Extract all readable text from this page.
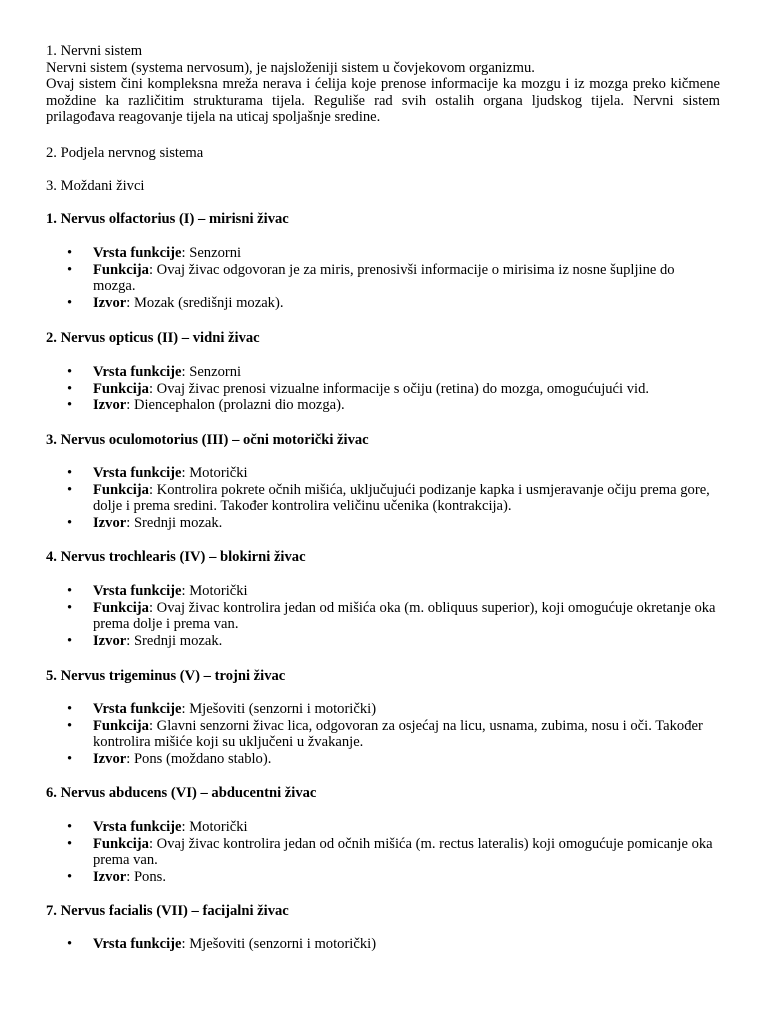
1. Nervni sistem

Nervni sistem (systema nervosum), je najsloženiji sistem u čovjekovom organizmu.

Ovaj sistem čini kompleksna mreža nerava i ćelija koje prenose informacije ka mozgu i iz mozga preko kičmene moždine ka različitim strukturama tijela. Reguliše rad svih ostalih organa ljudskog tijela. Nervni sistem prilagođava reagovanje tijela na uticaj spoljašnje sredine.

2. Podjela nervnog sistema

3. Moždani živci

1. Nervus olfactorius (I) – mirisni živac

• Vrsta funkcije: Senzorni
• Funkcija: Ovaj živac odgovoran je za miris, prenosivši informacije o mirisima iz nosne šupljine do mozga.
• Izvor: Mozak (središnji mozak).

2. Nervus opticus (II) – vidni živac

• Vrsta funkcije: Senzorni
• Funkcija: Ovaj živac prenosi vizualne informacije s očiju (retina) do mozga, omogućujući vid.
• Izvor: Diencephalon (prolazni dio mozga).

3. Nervus oculomotorius (III) – očni motorički živac

• Vrsta funkcije: Motorički
• Funkcija: Kontrolira pokrete očnih mišića, uključujući podizanje kapka i usmjeravanje očiju prema gore, dolje i prema sredini. Također kontrolira veličinu učenika (kontrakcija).
• Izvor: Srednji mozak.

4. Nervus trochlearis (IV) – blokirni živac

• Vrsta funkcije: Motorički
• Funkcija: Ovaj živac kontrolira jedan od mišića oka (m. obliquus superior), koji omogućuje okretanje oka prema dolje i prema van.
• Izvor: Srednji mozak.

5. Nervus trigeminus (V) – trojni živac

• Vrsta funkcije: Mješoviti (senzorni i motorički)
• Funkcija: Glavni senzorni živac lica, odgovoran za osjećaj na licu, usnama, zubima, nosu i oči. Također kontrolira mišiće koji su uključeni u žvakanje.
• Izvor: Pons (moždano stablo).

6. Nervus abducens (VI) – abducentni živac

• Vrsta funkcije: Motorički
• Funkcija: Ovaj živac kontrolira jedan od očnih mišića (m. rectus lateralis) koji omogućuje pomicanje oka prema van.
• Izvor: Pons.

7. Nervus facialis (VII) – facijalni živac

• Vrsta funkcije: Mješoviti (senzorni i motorički)
